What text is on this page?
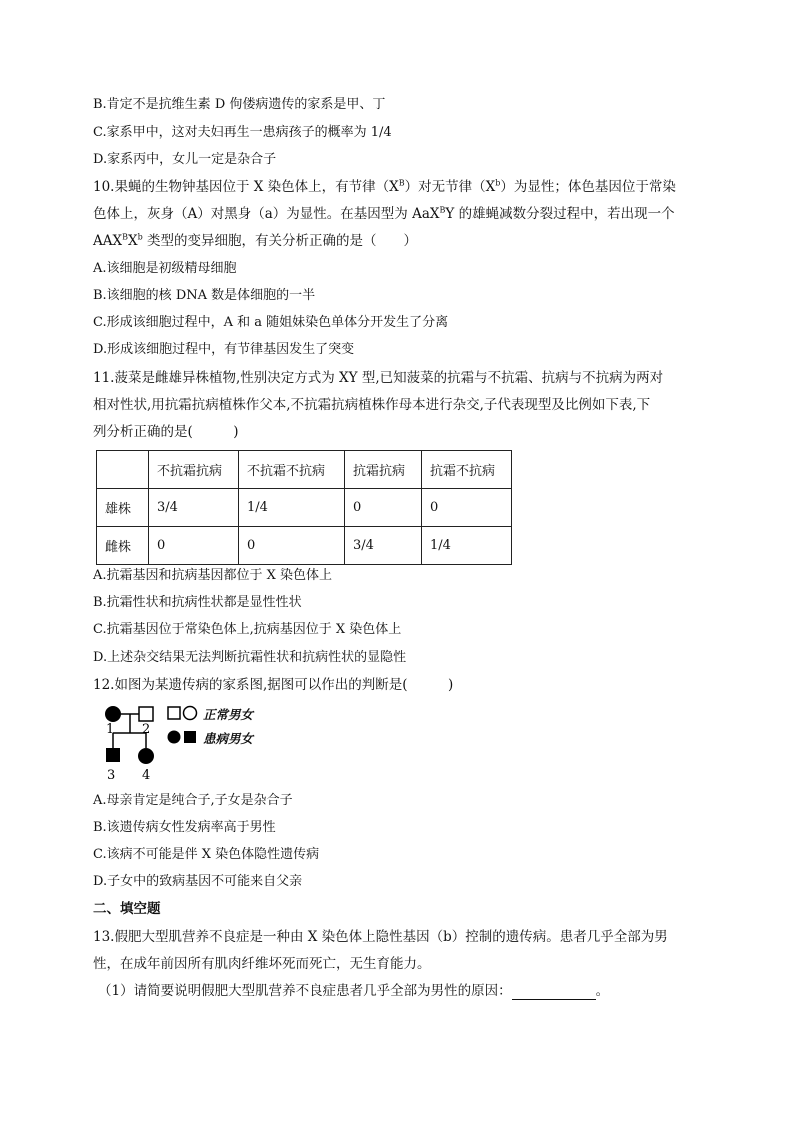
B.肯定不是抗维生素 D 佝偻病遗传的家系是甲、丁
C.家系甲中，这对夫妇再生一患病孩子的概率为 1/4
D.家系丙中，女儿一定是杂合子
10.果蝇的生物钟基因位于 X 染色体上，有节律$(X^B)$对无节律$(X^b)$为显性；体色基因位于常染
色体上，灰身（A）对黑身（a）为显性。在基因型为 AaX$^B$Y 的雄蝇减数分裂过程中，若出现一个
$AAX^BX^b$ 类型的变异细胞，有关分析正确的是（　　）
A.该细胞是初级精母细胞
B.该细胞的核 DNA 数是体细胞的一半
C.形成该细胞过程中，A 和 a 随姐妹染色单体分开发生了分离
D.形成该细胞过程中，有节律基因发生了突变
11.菠菜是雌雄异株植物,性别决定方式为 XY 型,已知菠菜的抗霜与不抗霜、抗病与不抗病为两对
相对性状,用抗霜抗病植株作父本,不抗霜抗病植株作母本进行杂交,子代表现型及比例如下表,下
列分析正确的是(　　　)
	不抗霜抗病	不抗霜不抗病	抗霜抗病	抗霜不抗病
雄株	3/4	1/4	0	0
雌株	0	0	3/4	1/4
A.抗霜基因和抗病基因都位于 X 染色体上
B.抗霜性状和抗病性状都是显性性状
C.抗霜基因位于常染色体上,抗病基因位于 X 染色体上
D.上述杂交结果无法判断抗霜性状和抗病性状的显隐性
12.如图为某遗传病的家系图,据图可以作出的判断是(　　　)
1 2
3 4
正常男女
患病男女
A.母亲肯定是纯合子,子女是杂合子
B.该遗传病女性发病率高于男性
C.该病不可能是伴 X 染色体隐性遗传病
D.子女中的致病基因不可能来自父亲
二、填空题
13.假肥大型肌营养不良症是一种由 X 染色体上隐性基因（b）控制的遗传病。患者几乎全部为男
性，在成年前因所有肌肉纤维坏死而死亡，无生育能力。
（1）请简要说明假肥大型肌营养不良症患者几乎全部为男性的原因：	。
